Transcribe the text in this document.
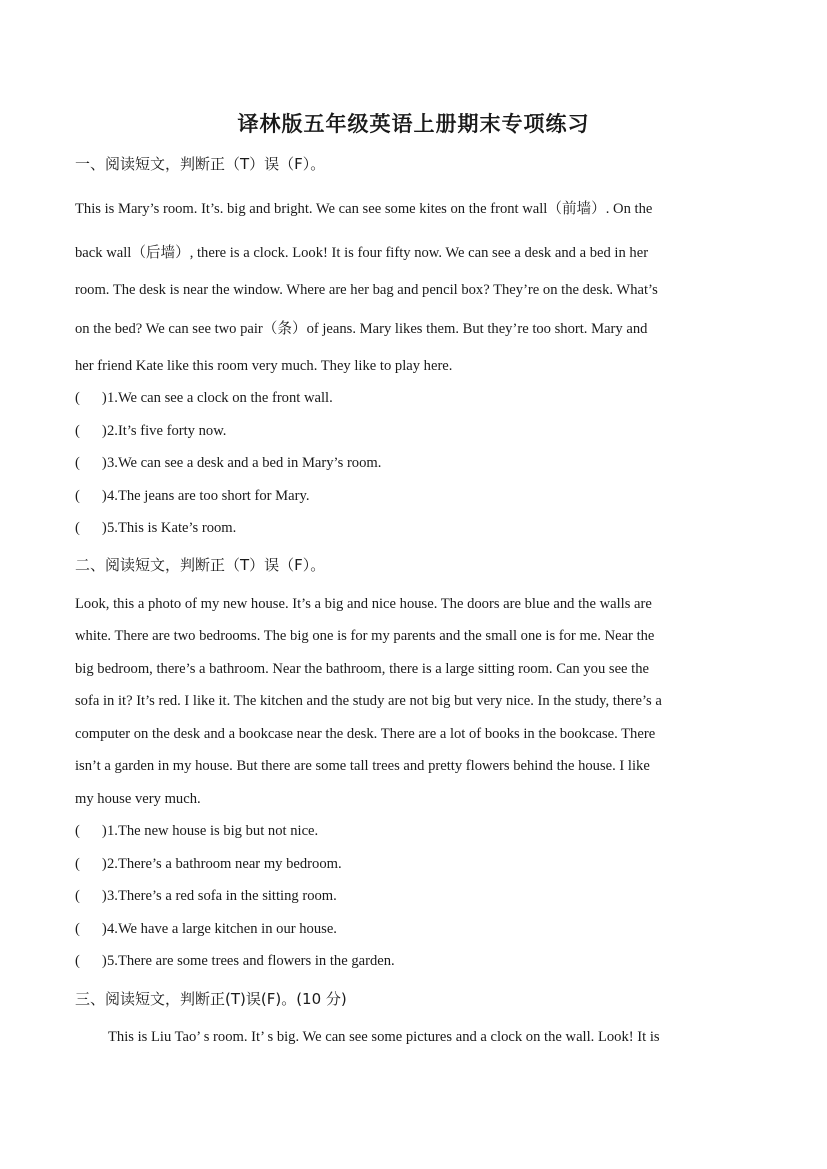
译林版五年级英语上册期末专项练习
一、阅读短文，判断正（T）误（F）。
This is Mary’s room. It’s. big and bright. We can see some kites on the front wall（前墙）. On the
back wall（后墙）, there is a clock. Look! It is four fifty now. We can see a desk and a bed in her
room. The desk is near the window. Where are her bag and pencil box? They’re on the desk. What’s
on the bed? We can see two pair（条）of jeans. Mary likes them. But they’re too short. Mary and
her friend Kate like this room very much. They like to play here.
( )1.We can see a clock on the front wall.
( )2.It’s five forty now.
( )3.We can see a desk and a bed in Mary’s room.
( )4.The jeans are too short for Mary.
( )5.This is Kate’s room.
二、阅读短文，判断正（T）误（F）。
Look, this a photo of my new house. It’s a big and nice house. The doors are blue and the walls are
white. There are two bedrooms. The big one is for my parents and the small one is for me. Near the
big bedroom, there’s a bathroom. Near the bathroom, there is a large sitting room. Can you see the
sofa in it? It’s red. I like it. The kitchen and the study are not big but very nice. In the study, there’s a
computer on the desk and a bookcase near the desk. There are a lot of books in the bookcase. There
isn’t a garden in my house. But there are some tall trees and pretty flowers behind the house. I like
my house very much.
( )1.The new house is big but not nice.
( )2.There’s a bathroom near my bedroom.
( )3.There’s a red sofa in the sitting room.
( )4.We have a large kitchen in our house.
( )5.There are some trees and flowers in the garden.
三、阅读短文，判断正(T)误(F)。(10 分)
This is Liu Tao’ s room. It’ s big. We can see some pictures and a clock on the wall. Look! It is
